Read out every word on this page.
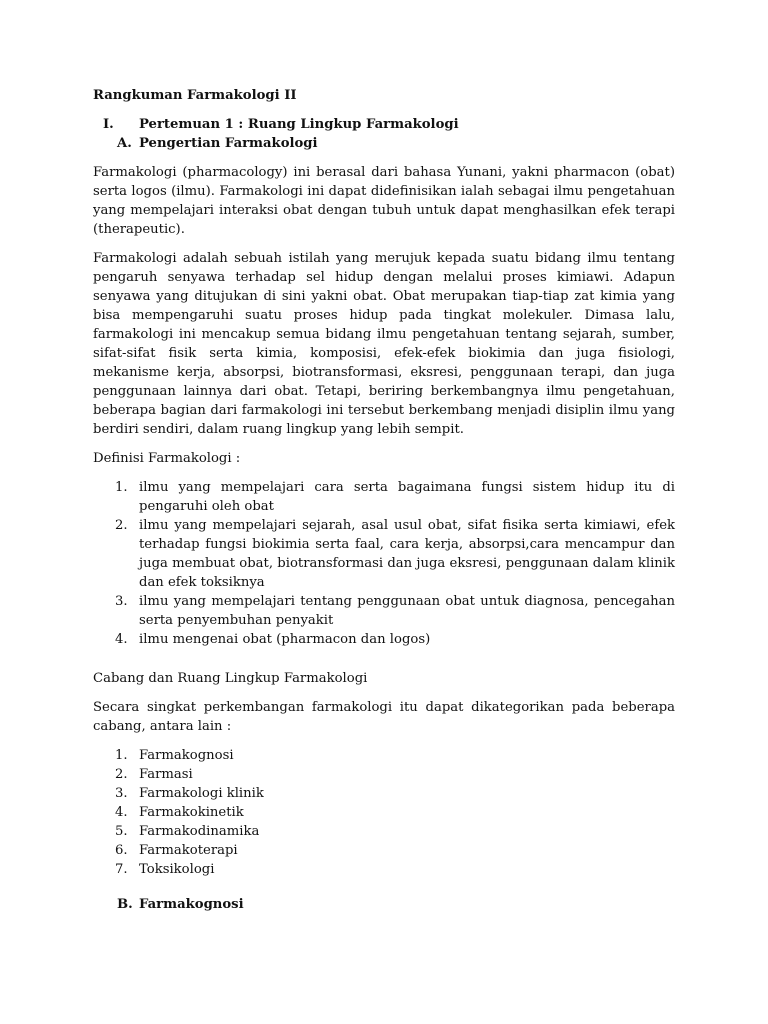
Rangkuman Farmakologi II
I.	Pertemuan 1 : Ruang Lingkup Farmakologi
A. Pengertian Farmakologi

Farmakologi (pharmacology) ini berasal dari bahasa Yunani, yakni pharmacon (obat) serta logos (ilmu). Farmakologi ini dapat didefinisikan ialah sebagai ilmu pengetahuan yang mempelajari interaksi obat dengan tubuh untuk dapat menghasilkan efek terapi (therapeutic).

Farmakologi adalah sebuah istilah yang merujuk kepada suatu bidang ilmu tentang pengaruh senyawa terhadap sel hidup dengan melalui proses kimiawi. Adapun senyawa yang ditujukan di sini yakni obat. Obat merupakan tiap-tiap zat kimia yang bisa mempengaruhi suatu proses hidup pada tingkat molekuler. Dimasa lalu, farmakologi ini mencakup semua bidang ilmu pengetahuan tentang sejarah, sumber, sifat-sifat fisik serta kimia, komposisi, efek-efek biokimia dan juga fisiologi, mekanisme kerja, absorpsi, biotransformasi, eksresi, penggunaan terapi, dan juga penggunaan lainnya dari obat. Tetapi, beriring berkembangnya ilmu pengetahuan, beberapa bagian dari farmakologi ini tersebut berkembang menjadi disiplin ilmu yang berdiri sendiri, dalam ruang lingkup yang lebih sempit.

Definisi Farmakologi :

1. ilmu yang mempelajari cara serta bagaimana fungsi sistem hidup itu di pengaruhi oleh obat
2. ilmu yang mempelajari sejarah, asal usul obat, sifat fisika serta kimiawi, efek terhadap fungsi biokimia serta faal, cara kerja, absorpsi,cara mencampur dan juga membuat obat, biotransformasi dan juga eksresi, penggunaan dalam klinik dan efek toksiknya
3. ilmu yang mempelajari tentang penggunaan obat untuk diagnosa, pencegahan serta penyembuhan penyakit
4. ilmu mengenai obat (pharmacon dan logos)

Cabang dan Ruang Lingkup Farmakologi

Secara singkat perkembangan farmakologi itu dapat dikategorikan pada beberapa cabang, antara lain :

1. Farmakognosi
2. Farmasi
3. Farmakologi klinik
4. Farmakokinetik
5. Farmakodinamika
6. Farmakoterapi
7. Toksikologi
B. Farmakognosi
